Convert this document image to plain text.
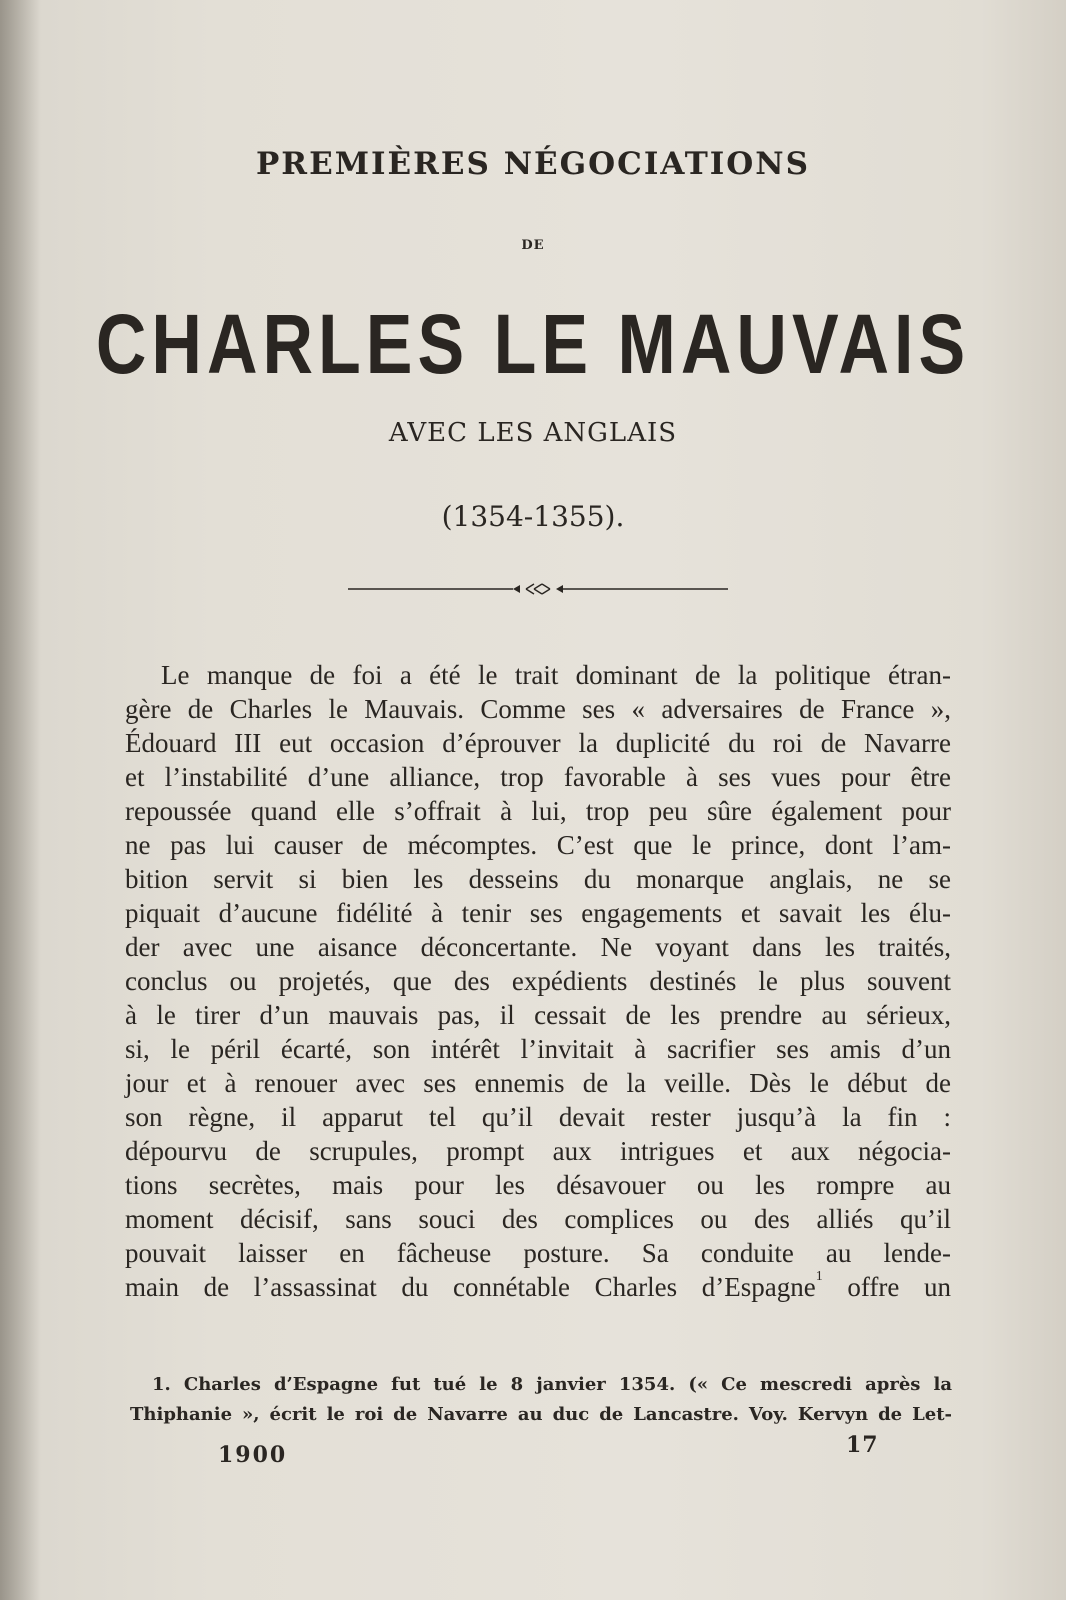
PREMIÈRES NÉGOCIATIONS
DE
CHARLES LE MAUVAIS
AVEC LES ANGLAIS
(1354-1355).
Le manque de foi a été le trait dominant de la politique étran-
gère de Charles le Mauvais. Comme ses « adversaires de France »,
Édouard III eut occasion d’éprouver la duplicité du roi de Navarre
et l’instabilité d’une alliance, trop favorable à ses vues pour être
repoussée quand elle s’offrait à lui, trop peu sûre également pour
ne pas lui causer de mécomptes. C’est que le prince, dont l’am-
bition servit si bien les desseins du monarque anglais, ne se
piquait d’aucune fidélité à tenir ses engagements et savait les élu-
der avec une aisance déconcertante. Ne voyant dans les traités,
conclus ou projetés, que des expédients destinés le plus souvent
à le tirer d’un mauvais pas, il cessait de les prendre au sérieux,
si, le péril écarté, son intérêt l’invitait à sacrifier ses amis d’un
jour et à renouer avec ses ennemis de la veille. Dès le début de
son règne, il apparut tel qu’il devait rester jusqu’à la fin :
dépourvu de scrupules, prompt aux intrigues et aux négocia-
tions secrètes, mais pour les désavouer ou les rompre au
moment décisif, sans souci des complices ou des alliés qu’il
pouvait laisser en fâcheuse posture. Sa conduite au lende-
main de l’assassinat du connétable Charles d’Espagne$^1$ offre un
1. Charles d’Espagne fut tué le 8 janvier 1354. (« Ce mescredi après la
Thiphanie », écrit le roi de Navarre au duc de Lancastre. Voy. Kervyn de Let-
1900	17
